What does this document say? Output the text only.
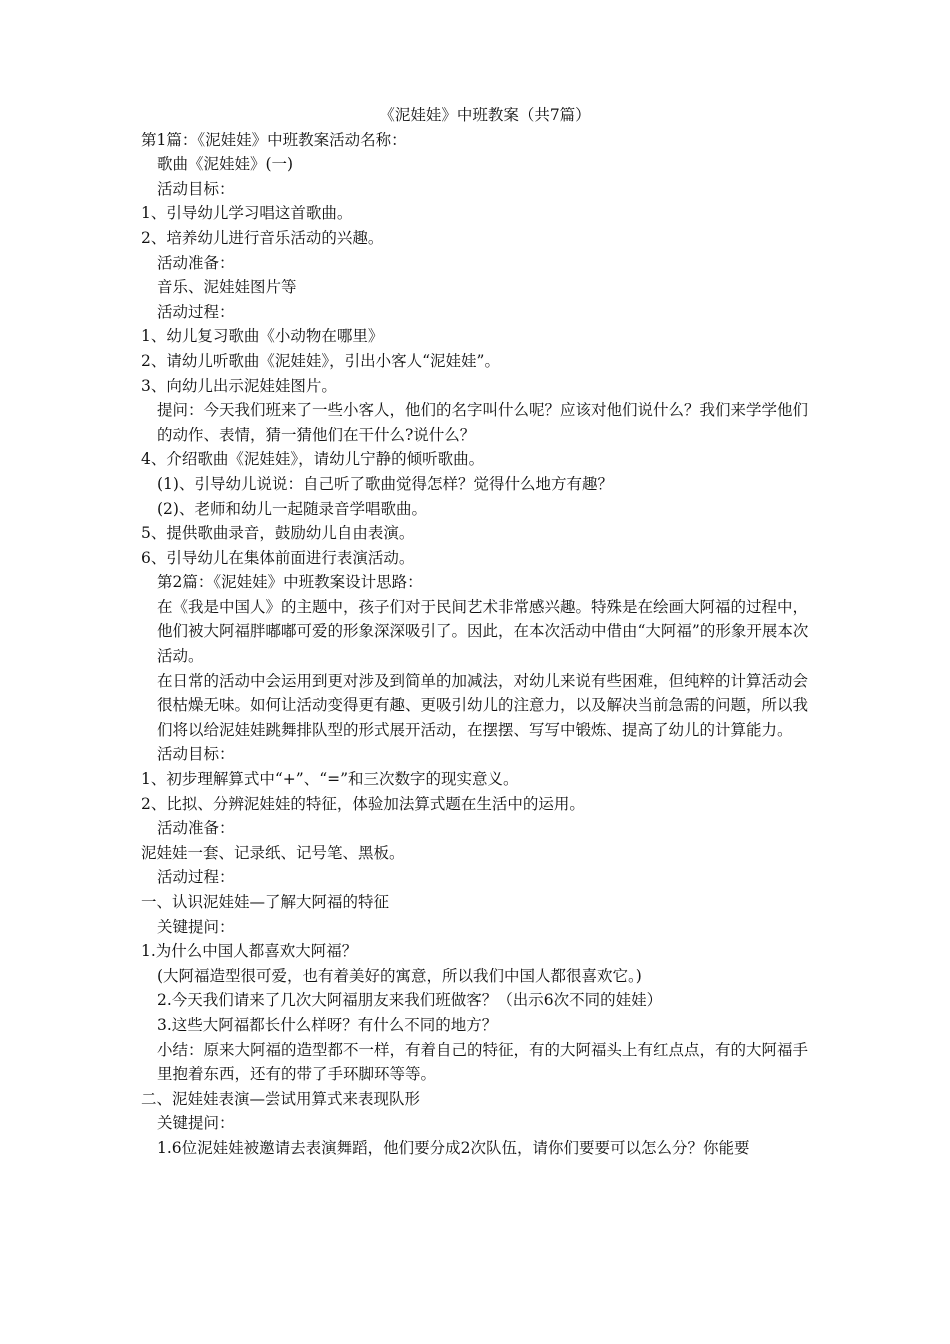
《泥娃娃》中班教案（共7篇）

第1篇：《泥娃娃》中班教案活动名称：

歌曲《泥娃娃》(一)

活动目标：

1、引导幼儿学习唱这首歌曲。

2、培养幼儿进行音乐活动的兴趣。

活动准备：

音乐、泥娃娃图片等

活动过程：

1、幼儿复习歌曲《小动物在哪里》

2、请幼儿听歌曲《泥娃娃》，引出小客人“泥娃娃”。

3、向幼儿出示泥娃娃图片。

提问：今天我们班来了一些小客人，他们的名字叫什么呢？应该对他们说什么？我们来学学他们的动作、表情，猜一猜他们在干什么?说什么？

4、介绍歌曲《泥娃娃》，请幼儿宁静的倾听歌曲。

(1)、引导幼儿说说：自己听了歌曲觉得怎样？觉得什么地方有趣？

(2)、老师和幼儿一起随录音学唱歌曲。

5、提供歌曲录音，鼓励幼儿自由表演。

6、引导幼儿在集体前面进行表演活动。

第2篇：《泥娃娃》中班教案设计思路：

在《我是中国人》的主题中，孩子们对于民间艺术非常感兴趣。特殊是在绘画大阿福的过程中，他们被大阿福胖嘟嘟可爱的形象深深吸引了。因此，在本次活动中借由“大阿福”的形象开展本次活动。

在日常的活动中会运用到更对涉及到简单的加减法，对幼儿来说有些困难，但纯粹的计算活动会很枯燥无味。如何让活动变得更有趣、更吸引幼儿的注意力，以及解决当前急需的问题，所以我们将以给泥娃娃跳舞排队型的形式展开活动，在摆摆、写写中锻炼、提高了幼儿的计算能力。

活动目标：

1、初步理解算式中“+”、“=”和三次数字的现实意义。

2、比拟、分辨泥娃娃的特征，体验加法算式题在生活中的运用。

活动准备：

泥娃娃一套、记录纸、记号笔、黑板。

活动过程：

一、认识泥娃娃—了解大阿福的特征

关键提问：

1.为什么中国人都喜欢大阿福？

(大阿福造型很可爱，也有着美好的寓意，所以我们中国人都很喜欢它。)

2.今天我们请来了几次大阿福朋友来我们班做客？（出示6次不同的娃娃）

3.这些大阿福都长什么样呀？有什么不同的地方？

小结：原来大阿福的造型都不一样，有着自己的特征，有的大阿福头上有红点点，有的大阿福手里抱着东西，还有的带了手环脚环等等。

二、泥娃娃表演—尝试用算式来表现队形

关键提问：

1.6位泥娃娃被邀请去表演舞蹈，他们要分成2次队伍，请你们要要可以怎么分？你能要
